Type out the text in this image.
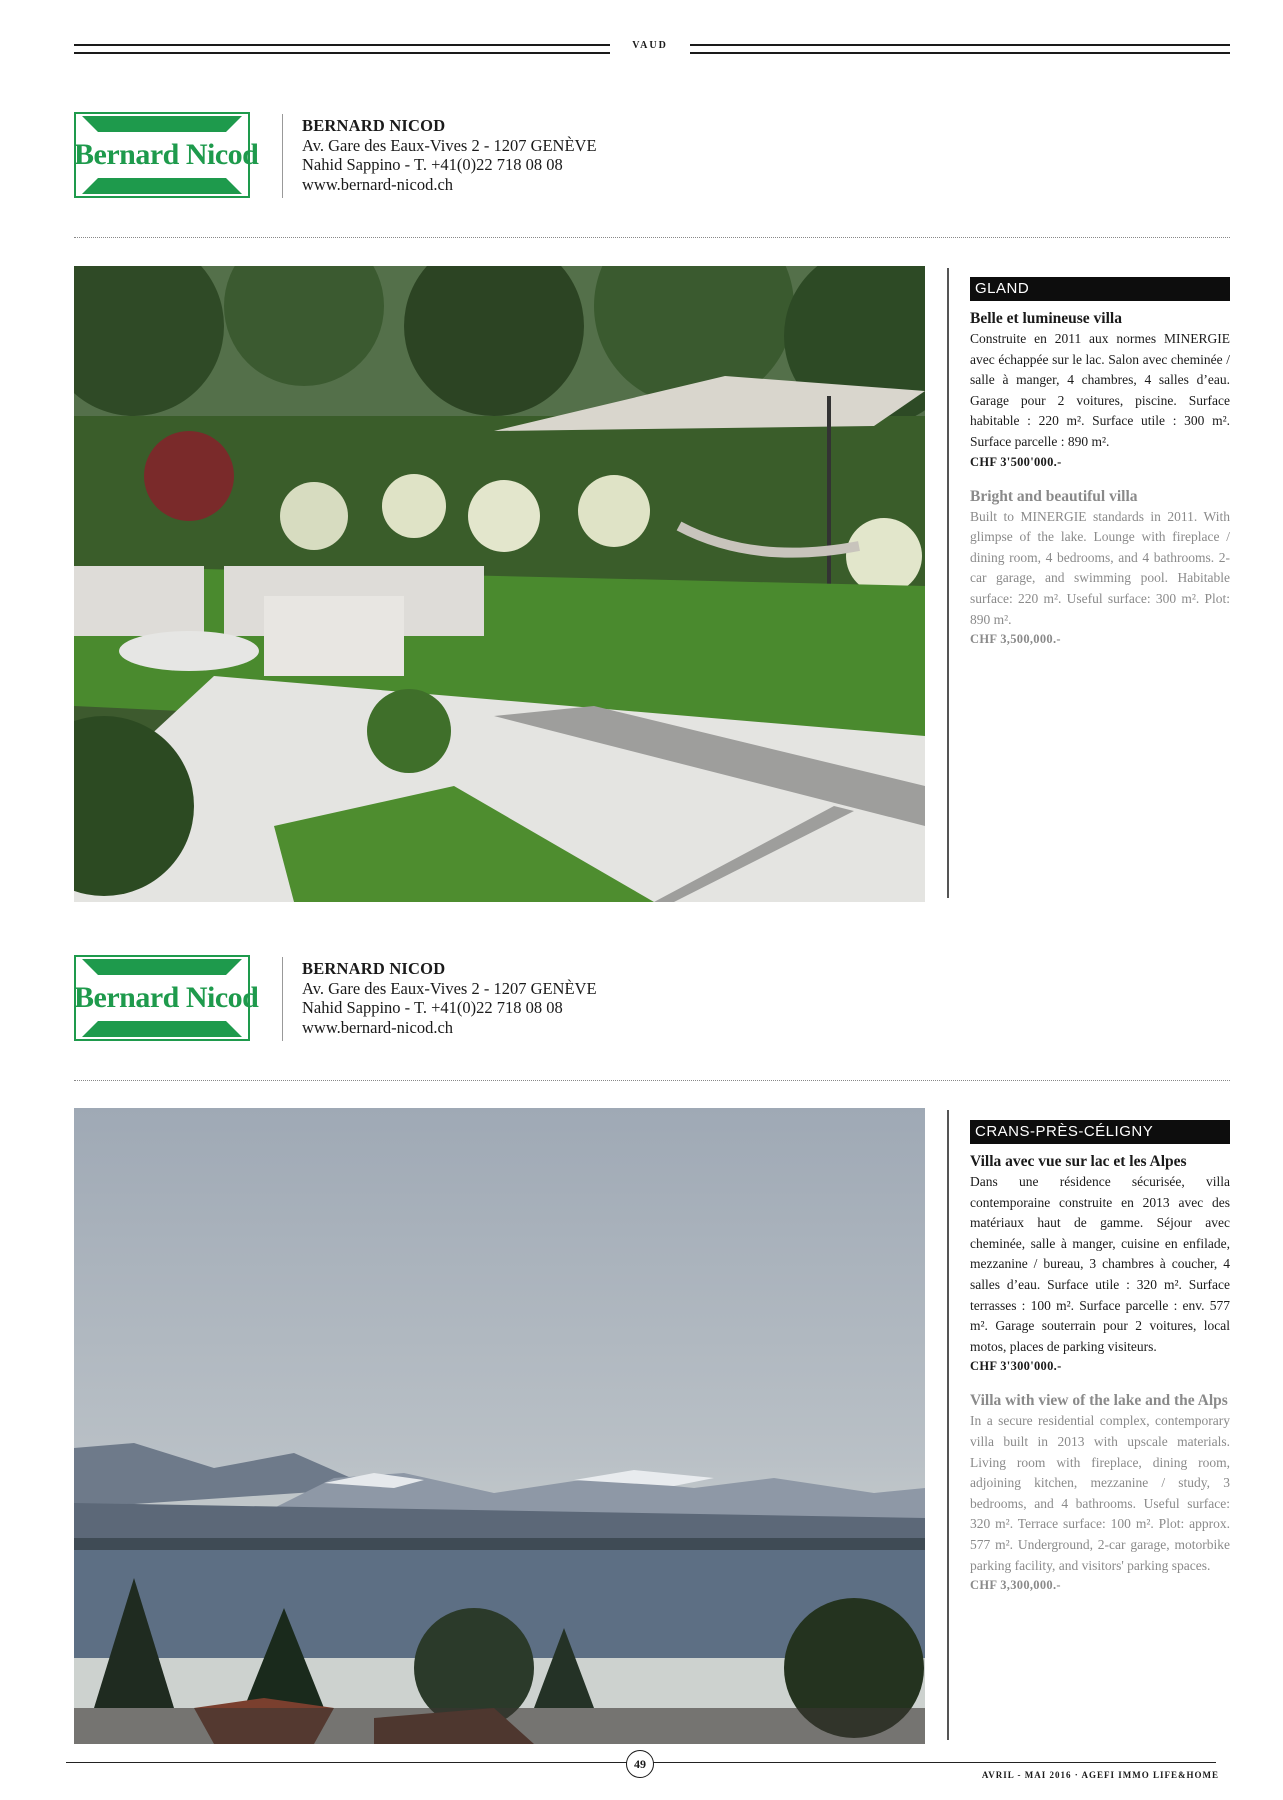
VAUD
Bernard Nicod
BERNARD NICOD
Av. Gare des Eaux-Vives 2 - 1207 GENÈVE
Nahid Sappino - T. +41(0)22 718 08 08
www.bernard-nicod.ch
GLAND
Belle et lumineuse villa
Construite en 2011 aux normes MINERGIE avec échappée sur le lac. Salon avec cheminée / salle à manger, 4 chambres, 4 salles d’eau. Garage pour 2 voitures, piscine. Surface habitable : 220 m². Surface utile : 300 m². Surface parcelle : 890 m².
CHF 3'500'000.-
Bright and beautiful villa
Built to MINERGIE standards in 2011. With glimpse of the lake. Lounge with fireplace / dining room, 4 bedrooms, and 4 bathrooms. 2-car garage, and swimming pool. Habitable surface: 220 m². Useful surface: 300 m². Plot: 890 m².
CHF 3,500,000.-
Bernard Nicod
BERNARD NICOD
Av. Gare des Eaux-Vives 2 - 1207 GENÈVE
Nahid Sappino - T. +41(0)22 718 08 08
www.bernard-nicod.ch
CRANS-PRÈS-CÉLIGNY
Villa avec vue sur lac et les Alpes
Dans une résidence sécurisée, villa contemporaine construite en 2013 avec des matériaux haut de gamme. Séjour avec cheminée, salle à manger, cuisine en enfilade, mezzanine / bureau, 3 chambres à coucher, 4 salles d’eau. Surface utile : 320 m². Surface terrasses : 100 m². Surface parcelle : env. 577 m². Garage souterrain pour 2 voitures, local motos, places de parking visiteurs.
CHF 3'300'000.-
Villa with view of the lake and the Alps
In a secure residential complex, contemporary villa built in 2013 with upscale materials. Living room with fireplace, dining room, adjoining kitchen, mezzanine / study, 3 bedrooms, and 4 bathrooms. Useful surface: 320 m². Terrace surface: 100 m². Plot: approx. 577 m². Underground, 2-car garage, motorbike parking facility, and visitors' parking spaces.
CHF 3,300,000.-
49
AVRIL - MAI 2016 · AGEFI IMMO LIFE&HOME
